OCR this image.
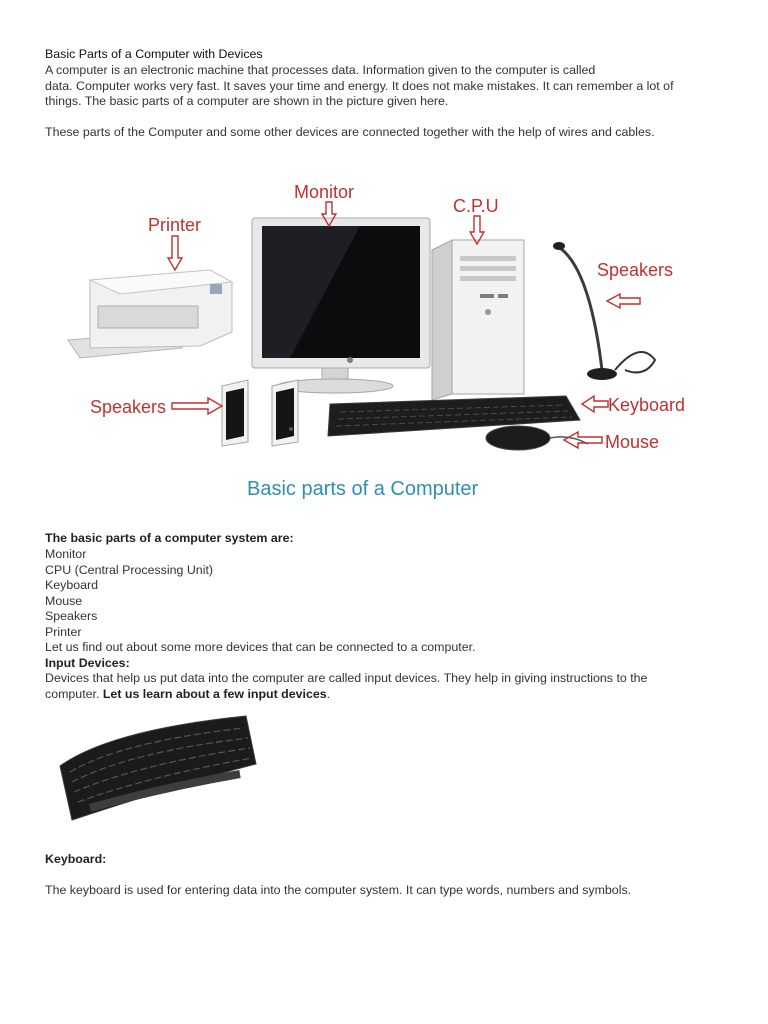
Basic Parts of a Computer with Devices
A computer is an electronic machine that processes data. Information given to the computer is called
data. Computer works very fast. It saves your time and energy. It does not make mistakes. It can remember a lot of
things. The basic parts of a computer are shown in the picture given here.
These parts of the Computer and some other devices are connected together with the help of wires and cables.
Monitor
C.P.U
Printer
Speakers
Speakers	Keyboard
Mouse
Basic parts of a Computer
The basic parts of a computer system are:
Monitor
CPU (Central Processing Unit)
Keyboard
Mouse
Speakers
Printer
Let us find out about some more devices that can be connected to a computer.
Input Devices:
Devices that help us put data into the computer are called input devices. They help in giving instructions to the
computer. Let us learn about a few input devices.
Keyboard:
The keyboard is used for entering data into the computer system. It can type words, numbers and symbols.
